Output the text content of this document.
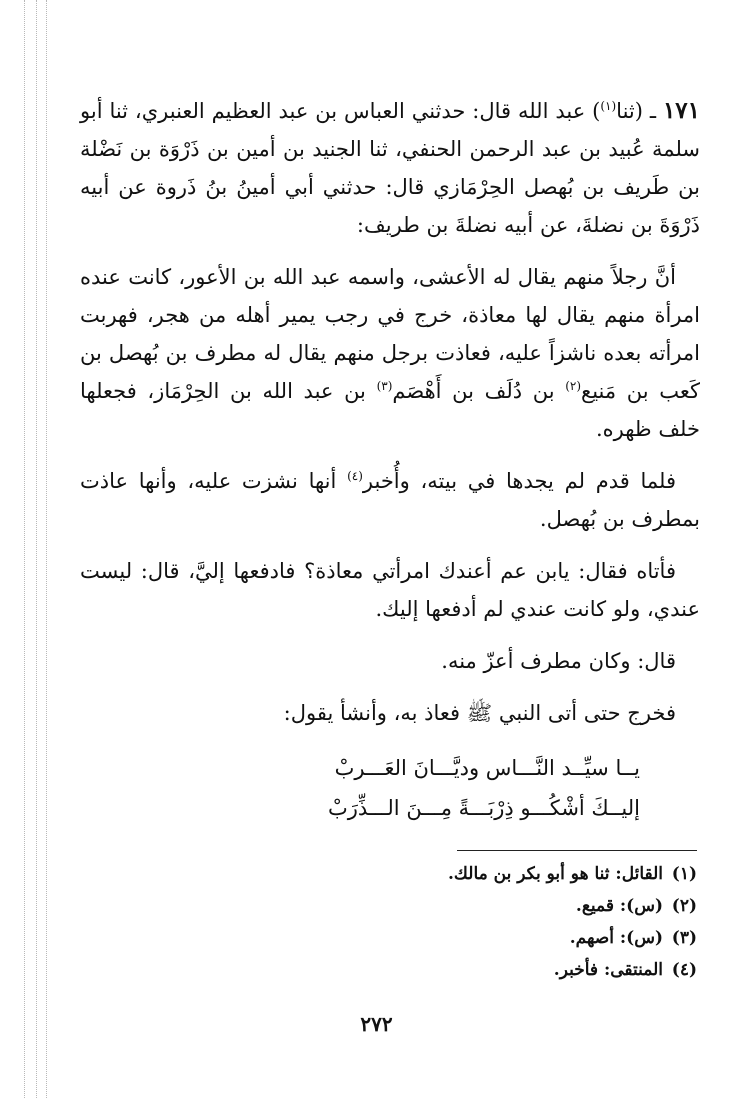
١٧١ ـ (ثنا$^{(١)}$) عبد الله قال: حدثني العباس بن عبد العظيم العنبري، ثنا أبو سلمة عُبيد بن عبد الرحمن الحنفي، ثنا الجنيد بن أمين بن ذَرْوَة بن نَضْلة بن طَريف بن بُهصل الحِرْمَازي قال: حدثني أبي أمينُ بنُ ذَروة عن أبيه ذَرْوَةَ بن نضلةَ، عن أبيه نضلةَ بن طريف:

أنَّ رجلاً منهم يقال له الأعشى، واسمه عبد الله بن الأعور، كانت عنده امرأة منهم يقال لها معاذة، خرج في رجب يمير أهله من هجر، فهربت امرأته بعده ناشزاً عليه، فعاذت برجل منهم يقال له مطرف بن بُهصل بن كَعب بن مَنيع$^{(٢)}$ بن دُلَف بن أَهْصَم$^{(٣)}$ بن عبد الله بن الحِرْمَاز، فجعلها خلف ظهره.

فلما قدم لم يجدها في بيته، وأُخبر$^{(٤)}$ أنها نشزت عليه، وأنها عاذت بمطرف بن بُهصل.

فأتاه فقال: يابن عم أعندك امرأتي معاذة؟ فادفعها إليَّ، قال: ليست عندي، ولو كانت عندي لم أدفعها إليك.

قال: وكان مطرف أعزّ منه.

فخرج حتى أتى النبي ﷺ فعاذ به، وأنشأ يقول:

يــا سيِّــد النَّـــاس وديَّـــانَ العَـــربْ
إليــكَ أشْكُـــو ذِرْبَـــةً مِـــنَ الـــذِّرَبْ
(١)القائل: ثنا هو أبو بكر بن مالك.
(٢)(س): قميع.
(٣)(س): أصهم.
(٤)المنتقى: فأخبر.
٢٧٢
